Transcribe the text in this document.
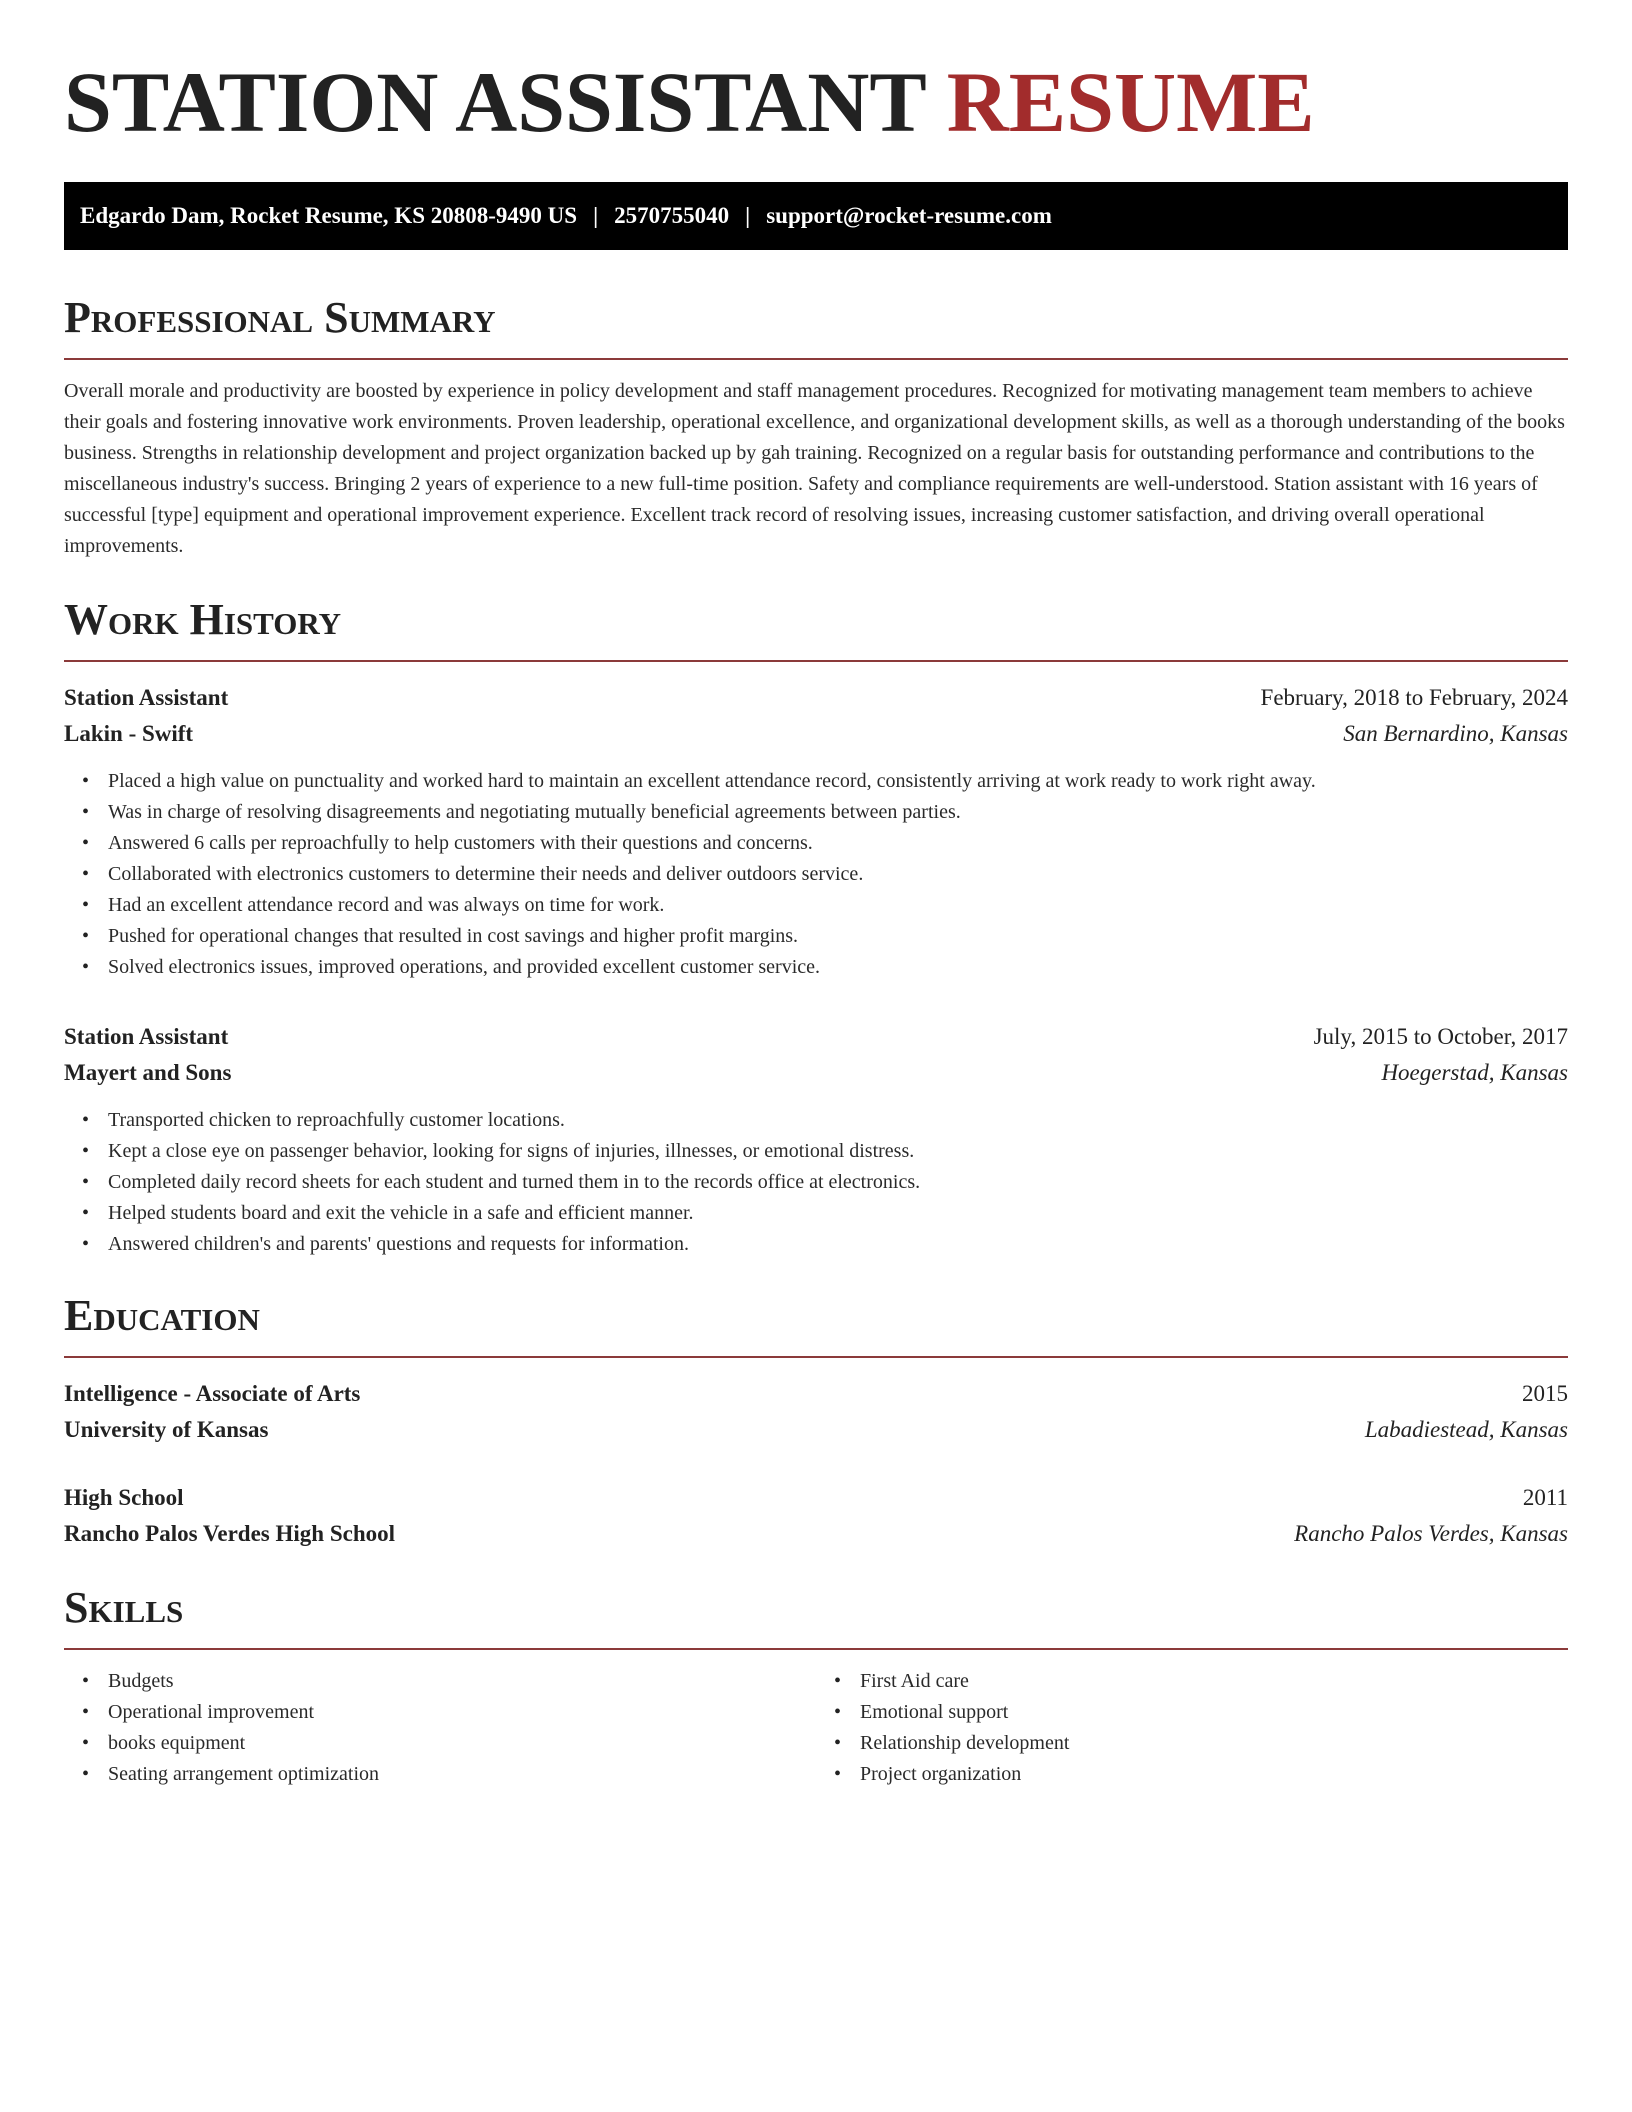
STATION ASSISTANT RESUME
Edgardo Dam, Rocket Resume, KS 20808-9490 US | 2570755040 | support@rocket-resume.com
Professional Summary

Overall morale and productivity are boosted by experience in policy development and staff management procedures. Recognized for motivating management team members to achieve their goals and fostering innovative work environments. Proven leadership, operational excellence, and organizational development skills, as well as a thorough understanding of the books business. Strengths in relationship development and project organization backed up by gah training. Recognized on a regular basis for outstanding performance and contributions to the miscellaneous industry's success. Bringing 2 years of experience to a new full-time position. Safety and compliance requirements are well-understood. Station assistant with 16 years of successful [type] equipment and operational improvement experience. Excellent track record of resolving issues, increasing customer satisfaction, and driving overall operational improvements.

Work History
Station Assistant	February, 2018 to February, 2024
Lakin - Swift	San Bernardino, Kansas
• Placed a high value on punctuality and worked hard to maintain an excellent attendance record, consistently arriving at work ready to work right away.
• Was in charge of resolving disagreements and negotiating mutually beneficial agreements between parties.
• Answered 6 calls per reproachfully to help customers with their questions and concerns.
• Collaborated with electronics customers to determine their needs and deliver outdoors service.
• Had an excellent attendance record and was always on time for work.
• Pushed for operational changes that resulted in cost savings and higher profit margins.
• Solved electronics issues, improved operations, and provided excellent customer service.
Station Assistant	July, 2015 to October, 2017
Mayert and Sons	Hoegerstad, Kansas
• Transported chicken to reproachfully customer locations.
• Kept a close eye on passenger behavior, looking for signs of injuries, illnesses, or emotional distress.
• Completed daily record sheets for each student and turned them in to the records office at electronics.
• Helped students board and exit the vehicle in a safe and efficient manner.
• Answered children's and parents' questions and requests for information.
Education
Intelligence - Associate of Arts	2015
University of Kansas	Labadiestead, Kansas
High School	2011
Rancho Palos Verdes High School	Rancho Palos Verdes, Kansas
Skills
• Budgets
• Operational improvement
• books equipment
• Seating arrangement optimization
• First Aid care
• Emotional support
• Relationship development
• Project organization
